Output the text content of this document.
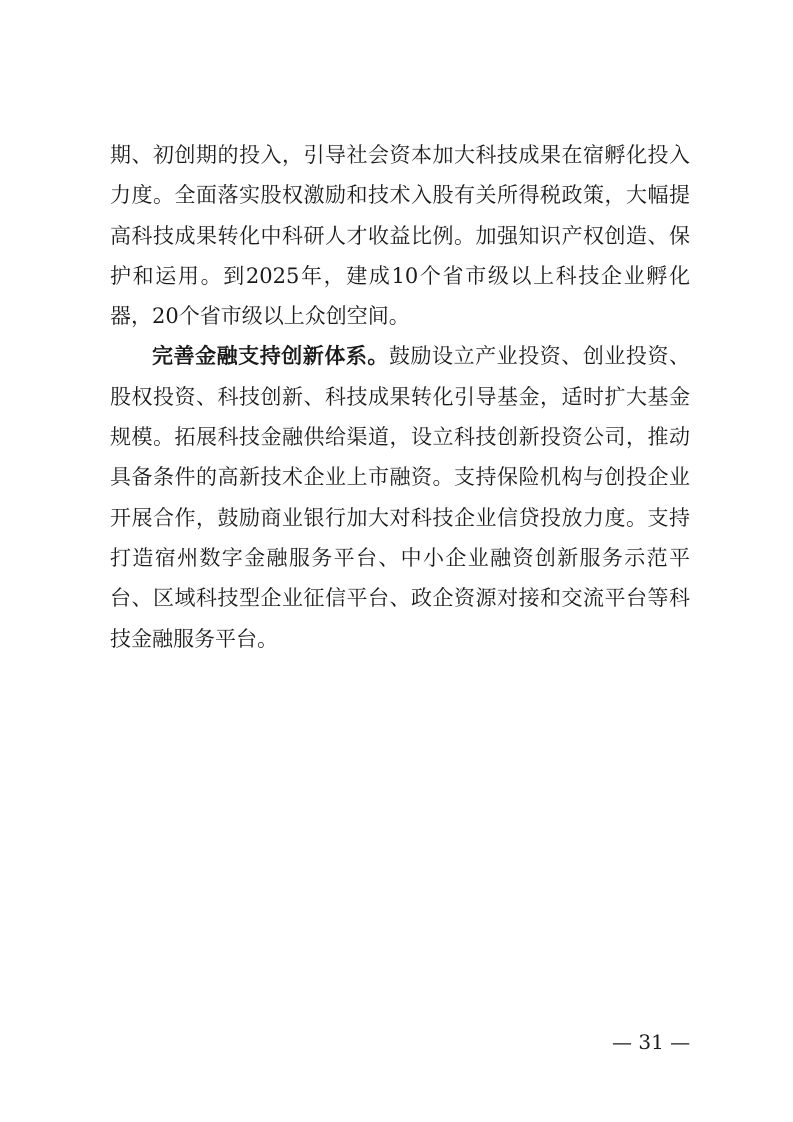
期、初创期的投入，引导社会资本加大科技成果在宿孵化投入力度。全面落实股权激励和技术入股有关所得税政策，大幅提高科技成果转化中科研人才收益比例。加强知识产权创造、保护和运用。到2025年，建成10个省市级以上科技企业孵化器，20个省市级以上众创空间。

完善金融支持创新体系。鼓励设立产业投资、创业投资、股权投资、科技创新、科技成果转化引导基金，适时扩大基金规模。拓展科技金融供给渠道，设立科技创新投资公司，推动具备条件的高新技术企业上市融资。支持保险机构与创投企业开展合作，鼓励商业银行加大对科技企业信贷投放力度。支持打造宿州数字金融服务平台、中小企业融资创新服务示范平台、区域科技型企业征信平台、政企资源对接和交流平台等科技金融服务平台。

— 31 —
